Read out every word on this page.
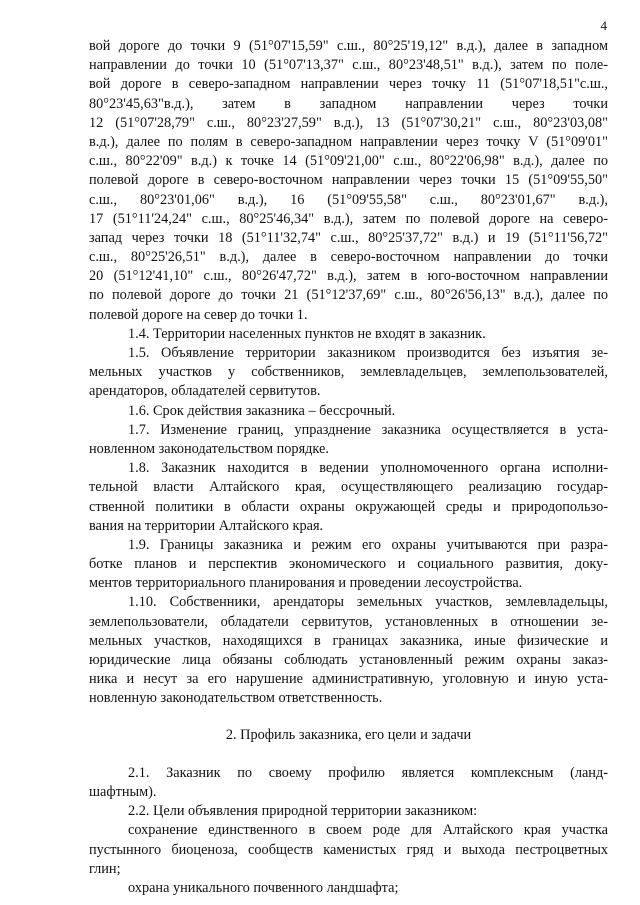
4
вой дороге до точки 9 (51°07'15,59" с.ш., 80°25'19,12" в.д.), далее в западном
направлении до точки 10 (51°07'13,37" с.ш., 80°23'48,51" в.д.), затем по поле-
вой дороге в северо-западном направлении через точку 11 (51°07'18,51"с.ш.,
80°23'45,63"в.д.), затем в западном направлении через точки
12 (51°07'28,79" с.ш., 80°23'27,59" в.д.), 13 (51°07'30,21" с.ш., 80°23'03,08"
в.д.), далее по полям в северо-западном направлении через точку V (51°09'01"
с.ш., 80°22'09" в.д.) к точке 14 (51°09'21,00" с.ш., 80°22'06,98" в.д.), далее по
полевой дороге в северо-восточном направлении через точки 15 (51°09'55,50"
с.ш., 80°23'01,06" в.д.), 16 (51°09'55,58" с.ш., 80°23'01,67" в.д.),
17 (51°11'24,24" с.ш., 80°25'46,34" в.д.), затем по полевой дороге на северо-
запад через точки 18 (51°11'32,74" с.ш., 80°25'37,72" в.д.) и 19 (51°11'56,72"
с.ш., 80°25'26,51" в.д.), далее в северо-восточном направлении до точки
20 (51°12'41,10" с.ш., 80°26'47,72" в.д.), затем в юго-восточном направлении
по полевой дороге до точки 21 (51°12'37,69" с.ш., 80°26'56,13" в.д.), далее по
полевой дороге на север до точки 1.
1.4. Территории населенных пунктов не входят в заказник.
1.5. Объявление территории заказником производится без изъятия зе-
мельных участков у собственников, землевладельцев, землепользователей,
арендаторов, обладателей сервитутов.
1.6. Срок действия заказника – бессрочный.
1.7. Изменение границ, упразднение заказника осуществляется в уста-
новленном законодательством порядке.
1.8. Заказник находится в ведении уполномоченного органа исполни-
тельной власти Алтайского края, осуществляющего реализацию государ-
ственной политики в области охраны окружающей среды и природопользо-
вания на территории Алтайского края.
1.9. Границы заказника и режим его охраны учитываются при разра-
ботке планов и перспектив экономического и социального развития, доку-
ментов территориального планирования и проведении лесоустройства.
1.10. Собственники, арендаторы земельных участков, землевладельцы,
землепользователи, обладатели сервитутов, установленных в отношении зе-
мельных участков, находящихся в границах заказника, иные физические и
юридические лица обязаны соблюдать установленный режим охраны заказ-
ника и несут за его нарушение административную, уголовную и иную уста-
новленную законодательством ответственность.
2. Профиль заказника, его цели и задачи
2.1. Заказник по своему профилю является комплексным (ланд-
шафтным).
2.2. Цели объявления природной территории заказником:
сохранение единственного в своем роде для Алтайского края участка
пустынного биоценоза, сообществ каменистых гряд и выхода пестроцветных
глин;
охрана уникального почвенного ландшафта;
